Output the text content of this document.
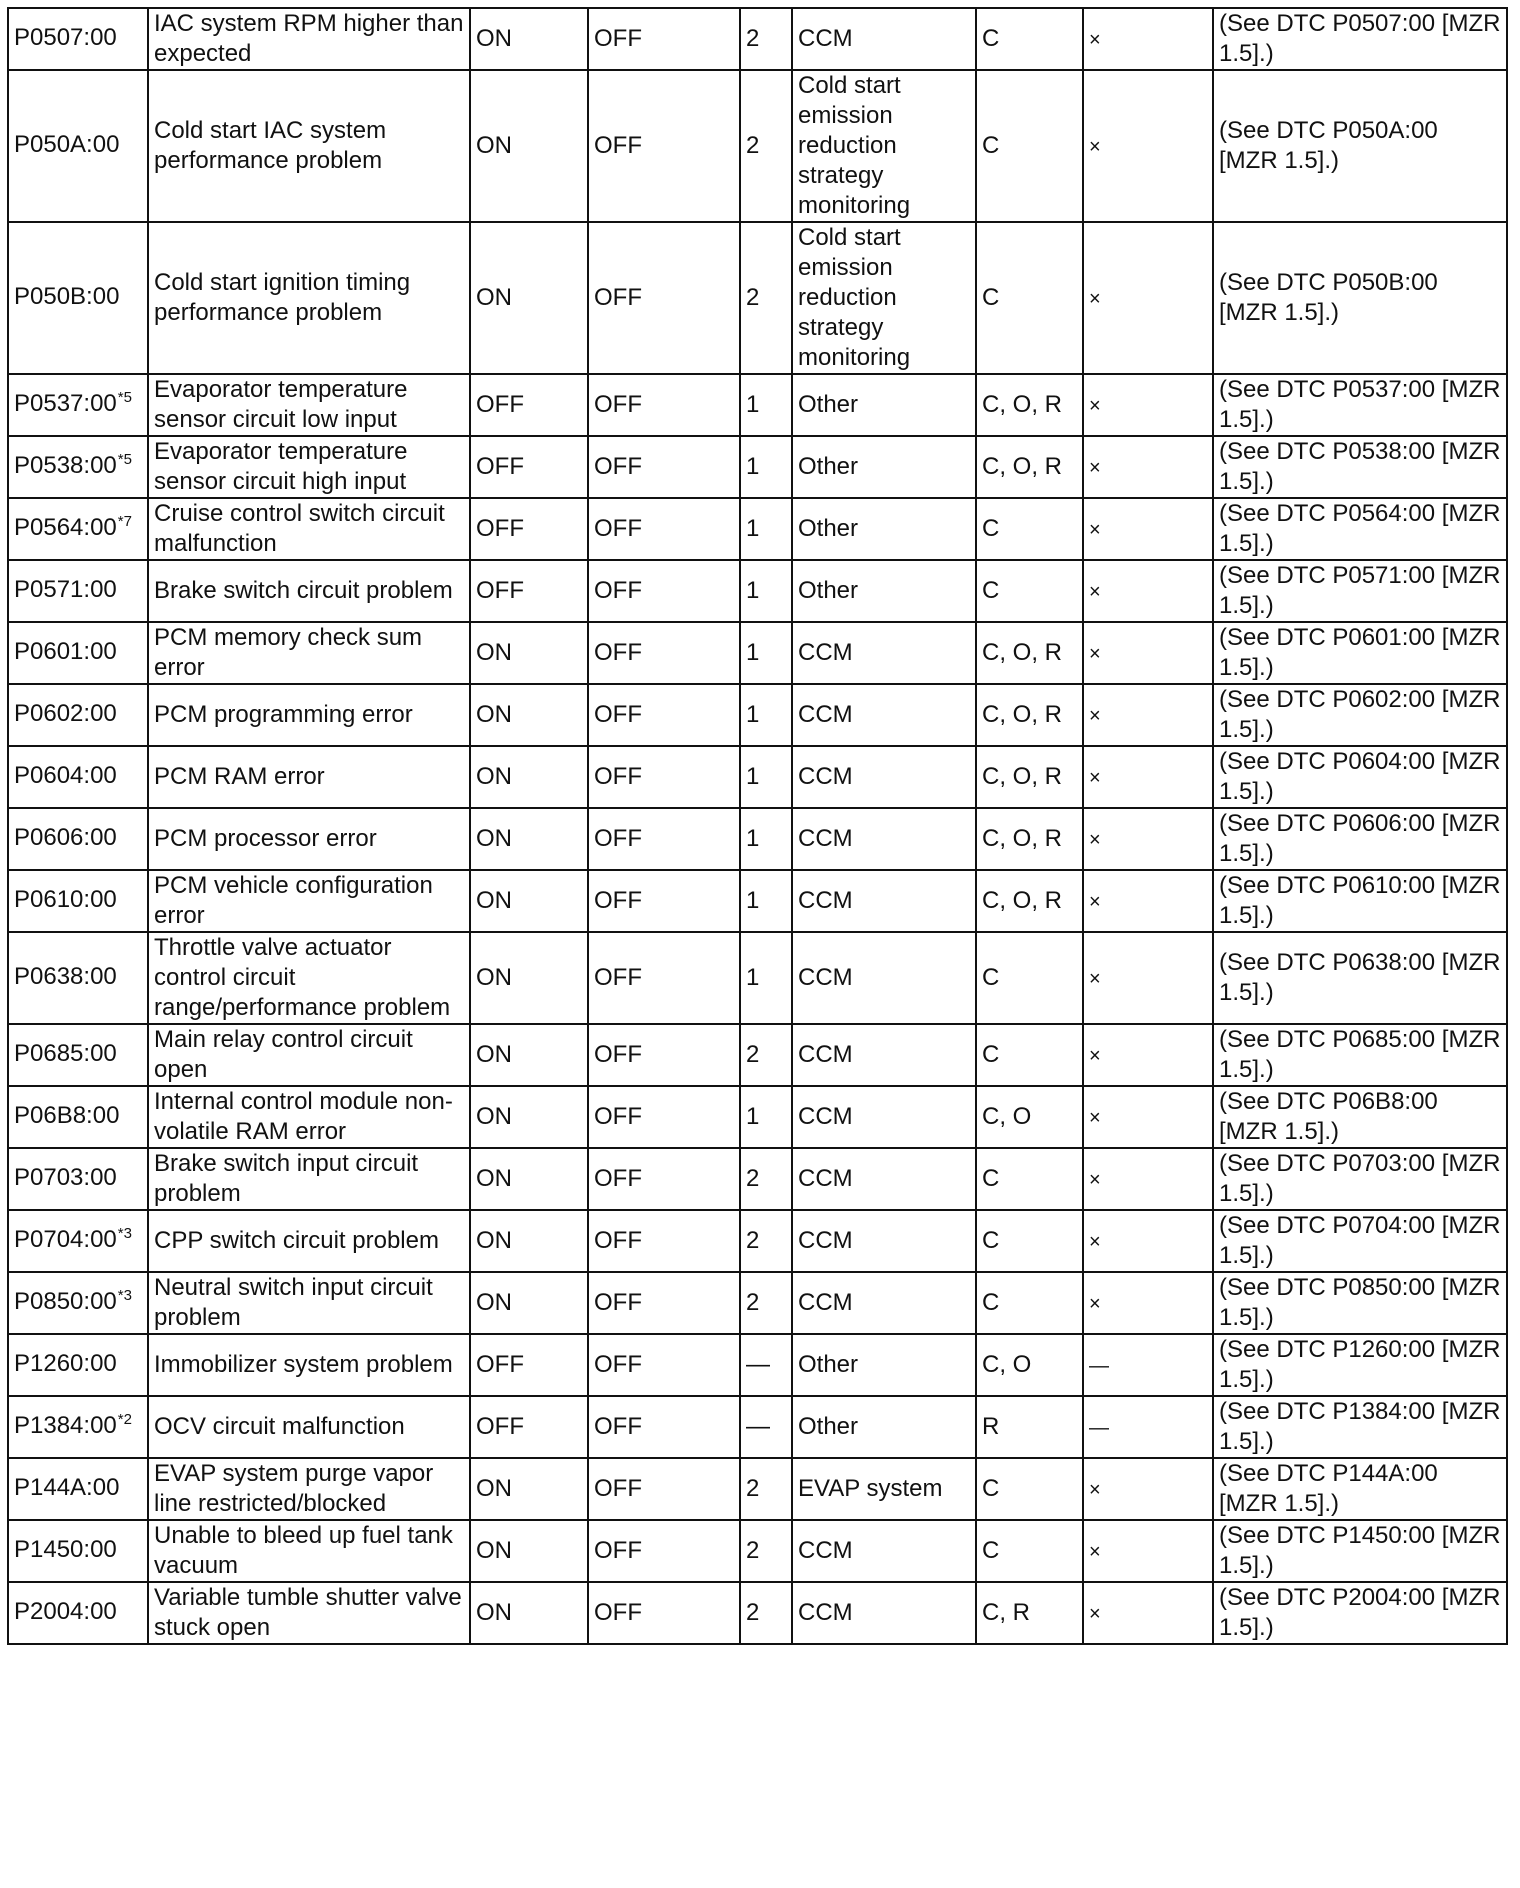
P0507:00	IAC system RPM higher than expected	ON	OFF	2	CCM	C	×	(See DTC P0507:00 [MZR 1.5].)
P050A:00	Cold start IAC system performance problem	ON	OFF	2	Cold start emission reduction strategy monitoring	C	×	(See DTC P050A:00 [MZR 1.5].)
P050B:00	Cold start ignition timing performance problem	ON	OFF	2	Cold start emission reduction strategy monitoring	C	×	(See DTC P050B:00 [MZR 1.5].)
P0537:00$^{*5}$	Evaporator temperature sensor circuit low input	OFF	OFF	1	Other	C, O, R	×	(See DTC P0537:00 [MZR 1.5].)
P0538:00$^{*5}$	Evaporator temperature sensor circuit high input	OFF	OFF	1	Other	C, O, R	×	(See DTC P0538:00 [MZR 1.5].)
P0564:00$^{*7}$	Cruise control switch circuit malfunction	OFF	OFF	1	Other	C	×	(See DTC P0564:00 [MZR 1.5].)
P0571:00	Brake switch circuit problem	OFF	OFF	1	Other	C	×	(See DTC P0571:00 [MZR 1.5].)
P0601:00	PCM memory check sum error	ON	OFF	1	CCM	C, O, R	×	(See DTC P0601:00 [MZR 1.5].)
P0602:00	PCM programming error	ON	OFF	1	CCM	C, O, R	×	(See DTC P0602:00 [MZR 1.5].)
P0604:00	PCM RAM error	ON	OFF	1	CCM	C, O, R	×	(See DTC P0604:00 [MZR 1.5].)
P0606:00	PCM processor error	ON	OFF	1	CCM	C, O, R	×	(See DTC P0606:00 [MZR 1.5].)
P0610:00	PCM vehicle configuration error	ON	OFF	1	CCM	C, O, R	×	(See DTC P0610:00 [MZR 1.5].)
P0638:00	Throttle valve actuator control circuit range/performance problem	ON	OFF	1	CCM	C	×	(See DTC P0638:00 [MZR 1.5].)
P0685:00	Main relay control circuit open	ON	OFF	2	CCM	C	×	(See DTC P0685:00 [MZR 1.5].)
P06B8:00	Internal control module non-volatile RAM error	ON	OFF	1	CCM	C, O	×	(See DTC P06B8:00 [MZR 1.5].)
P0703:00	Brake switch input circuit problem	ON	OFF	2	CCM	C	×	(See DTC P0703:00 [MZR 1.5].)
P0704:00$^{*3}$	CPP switch circuit problem	ON	OFF	2	CCM	C	×	(See DTC P0704:00 [MZR 1.5].)
P0850:00$^{*3}$	Neutral switch input circuit problem	ON	OFF	2	CCM	C	×	(See DTC P0850:00 [MZR 1.5].)
P1260:00	Immobilizer system problem	OFF	OFF	—	Other	C, O	—	(See DTC P1260:00 [MZR 1.5].)
P1384:00$^{*2}$	OCV circuit malfunction	OFF	OFF	—	Other	R	—	(See DTC P1384:00 [MZR 1.5].)
P144A:00	EVAP system purge vapor line restricted/blocked	ON	OFF	2	EVAP system	C	×	(See DTC P144A:00 [MZR 1.5].)
P1450:00	Unable to bleed up fuel tank vacuum	ON	OFF	2	CCM	C	×	(See DTC P1450:00 [MZR 1.5].)
P2004:00	Variable tumble shutter valve stuck open	ON	OFF	2	CCM	C, R	×	(See DTC P2004:00 [MZR 1.5].)
